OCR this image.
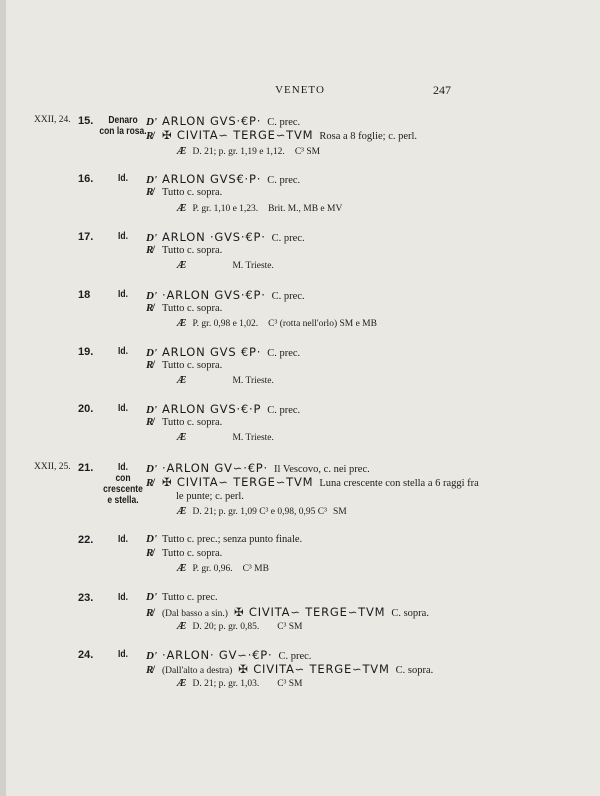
VENETO	247
XXII, 24. 15.	Denaro
con la rosa.
D' ARLON GVS·€P· C. prec.
R̸ ✠ CIVITA∽ TERGE∽TVM Rosa a 8 foglie; c. perl.
Æ D. 21; p. gr. 1,19 e 1,12. C³ SM
16.	Id.	D' ARLON GVS€·P· C. prec.
R̸ Tutto c. sopra.
Æ P. gr. 1,10 e 1,23. Brit. M., MB e MV
17.	Id.	D' ARLON ·GVS·€P· C. prec.
R̸ Tutto c. sopra.
Æ	M. Trieste.
18	Id.	D' ·ARLON GVS·€P· C. prec.
R̸ Tutto c. sopra.
Æ P. gr. 0,98 e 1,02. C³ (rotta nell'orlo) SM e MB
19.	Id.	D' ARLON GVS €P· C. prec.
R̸ Tutto c. sopra.
Æ	M. Trieste.
20.	Id.	D' ARLON GVS·€·P C. prec.
R̸ Tutto c. sopra.
Æ	M. Trieste.
XXII, 25. 21.	Id.
con crescente
e stella.
D' ·ARLON GV∽·€P· Il Vescovo, c. nei prec.
R̸ ✠ CIVITA∽ TERGE∽TVM Luna crescente con stella a 6 raggi fra
le punte; c. perl.
Æ D. 21; p. gr. 1,09 C³ e 0,98, 0,95 C³ SM
22.	Id.	D' Tutto c. prec.; senza punto finale.
R̸ Tutto c. sopra.
Æ P. gr. 0,96. C³ MB
23.	Id.	D' Tutto c. prec.
R̸ (Dal basso a sin.) ✠ CIVITA∽ TERGE∽TVM C. sopra.
Æ D. 20; p. gr. 0,85. C³ SM
24.	Id.	D' ·ARLON· GV∽·€P· C. prec.
R̸ (Dall'alto a destra) ✠ CIVITA∽ TERGE∽TVM C. sopra.
Æ D. 21; p. gr. 1,03. C³ SM
